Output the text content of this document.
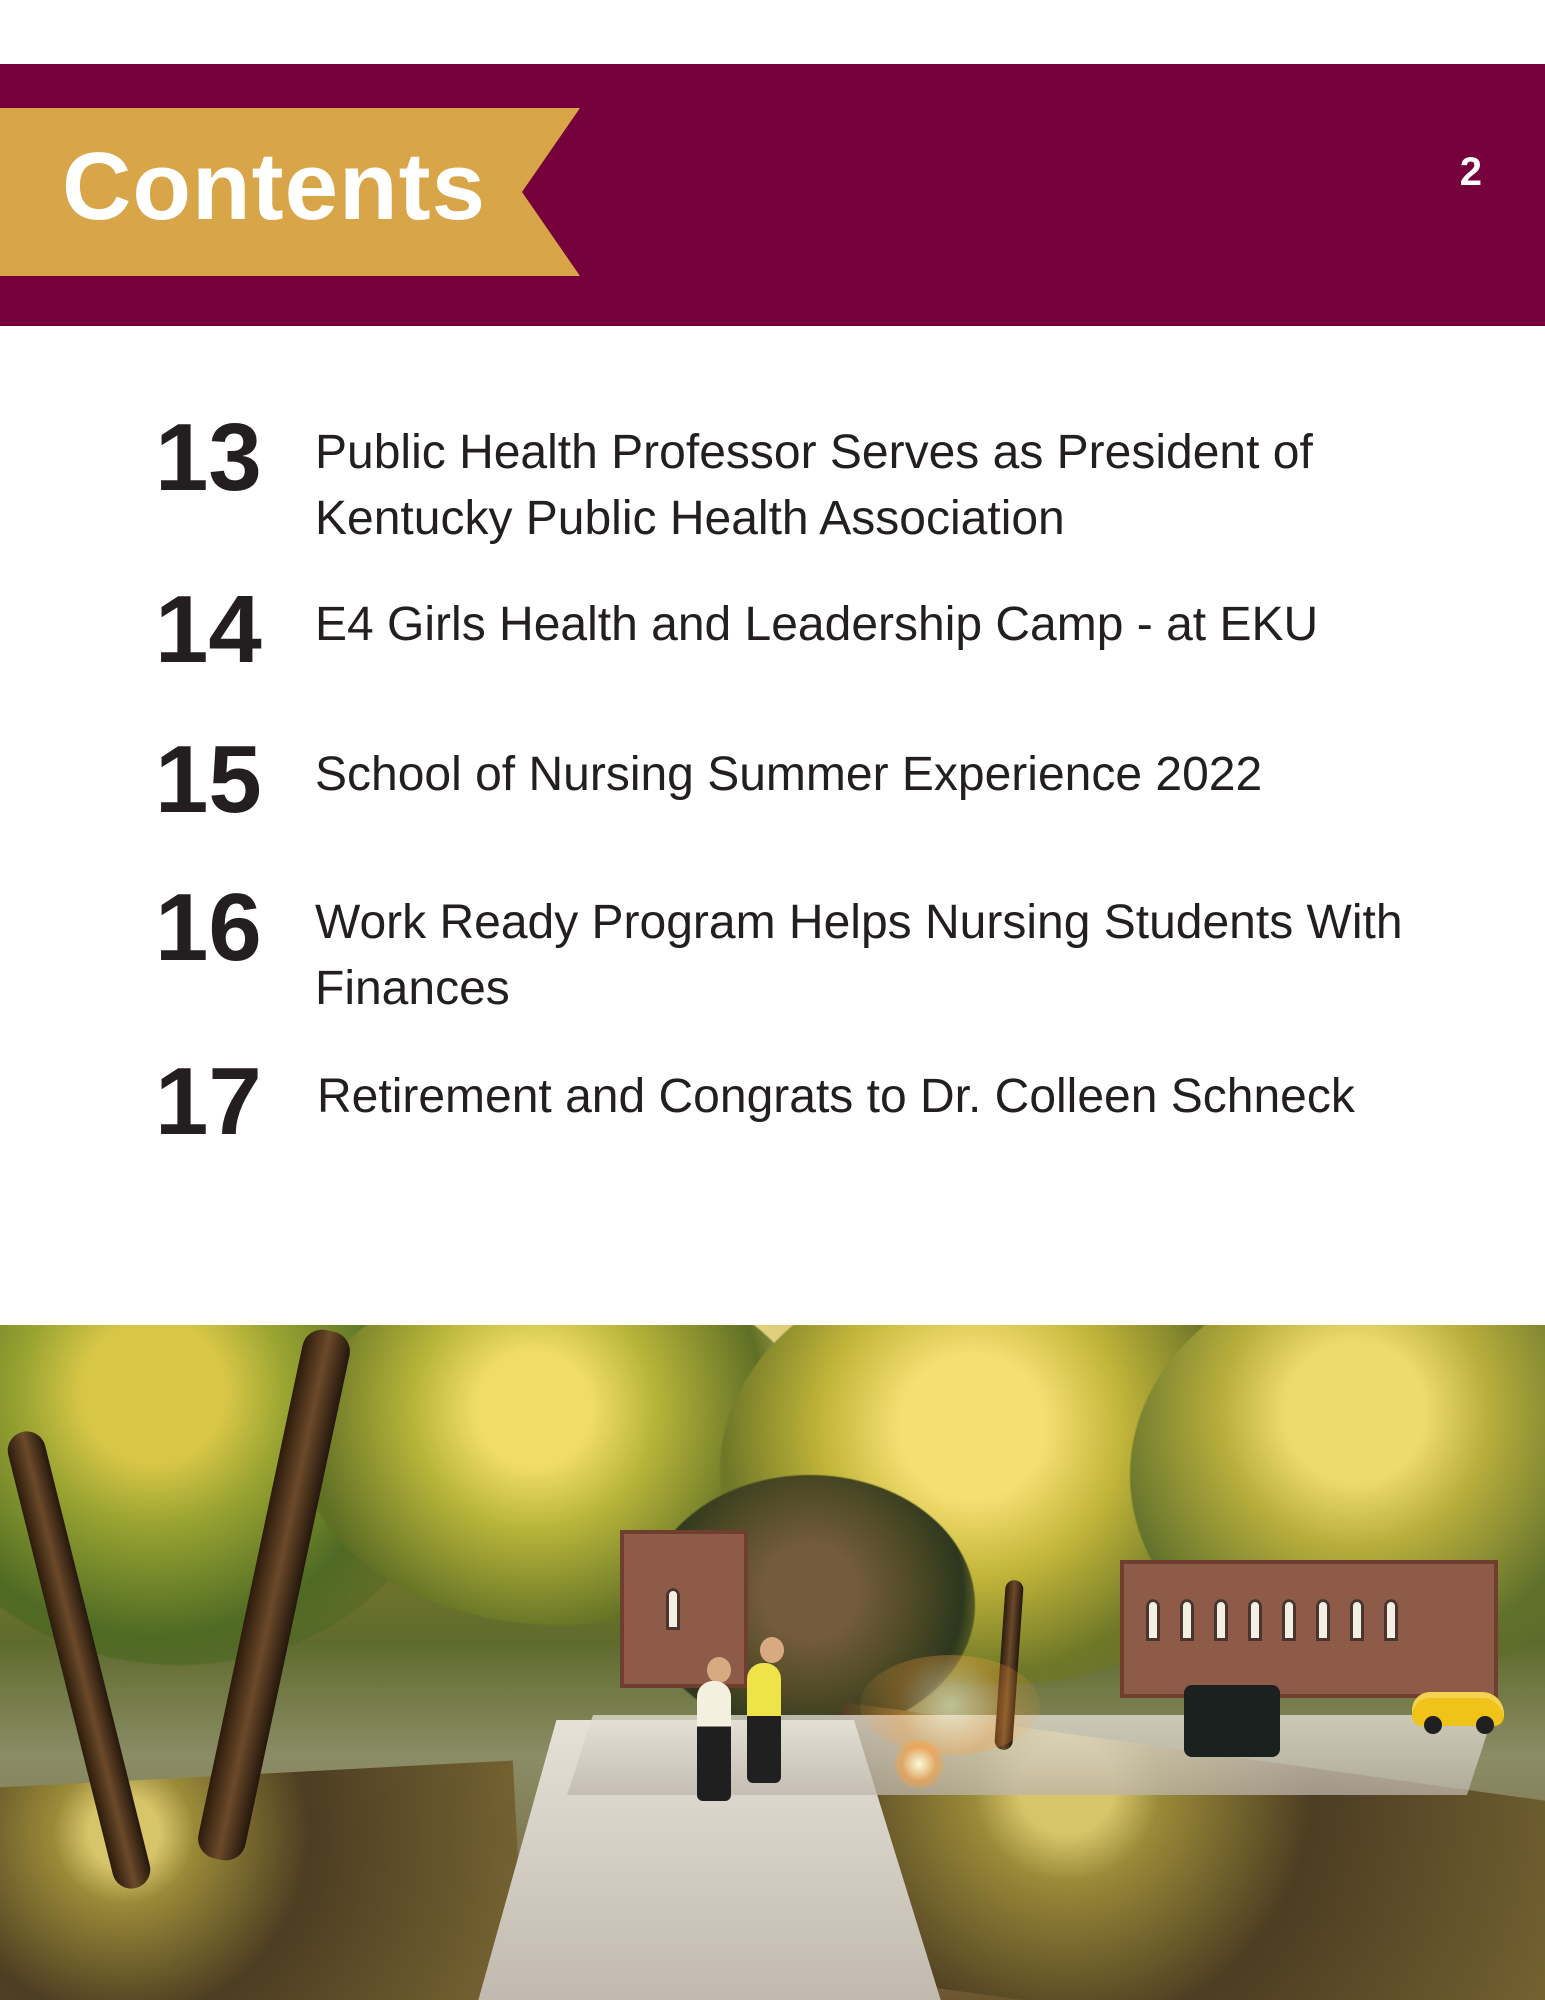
2
Contents
13 Public Health Professor Serves as President of Kentucky Public Health Association
14 E4 Girls Health and Leadership Camp - at EKU
15 School of Nursing Summer Experience 2022
16 Work Ready Program Helps Nursing Students With Finances
17 Retirement and Congrats to Dr. Colleen Schneck
